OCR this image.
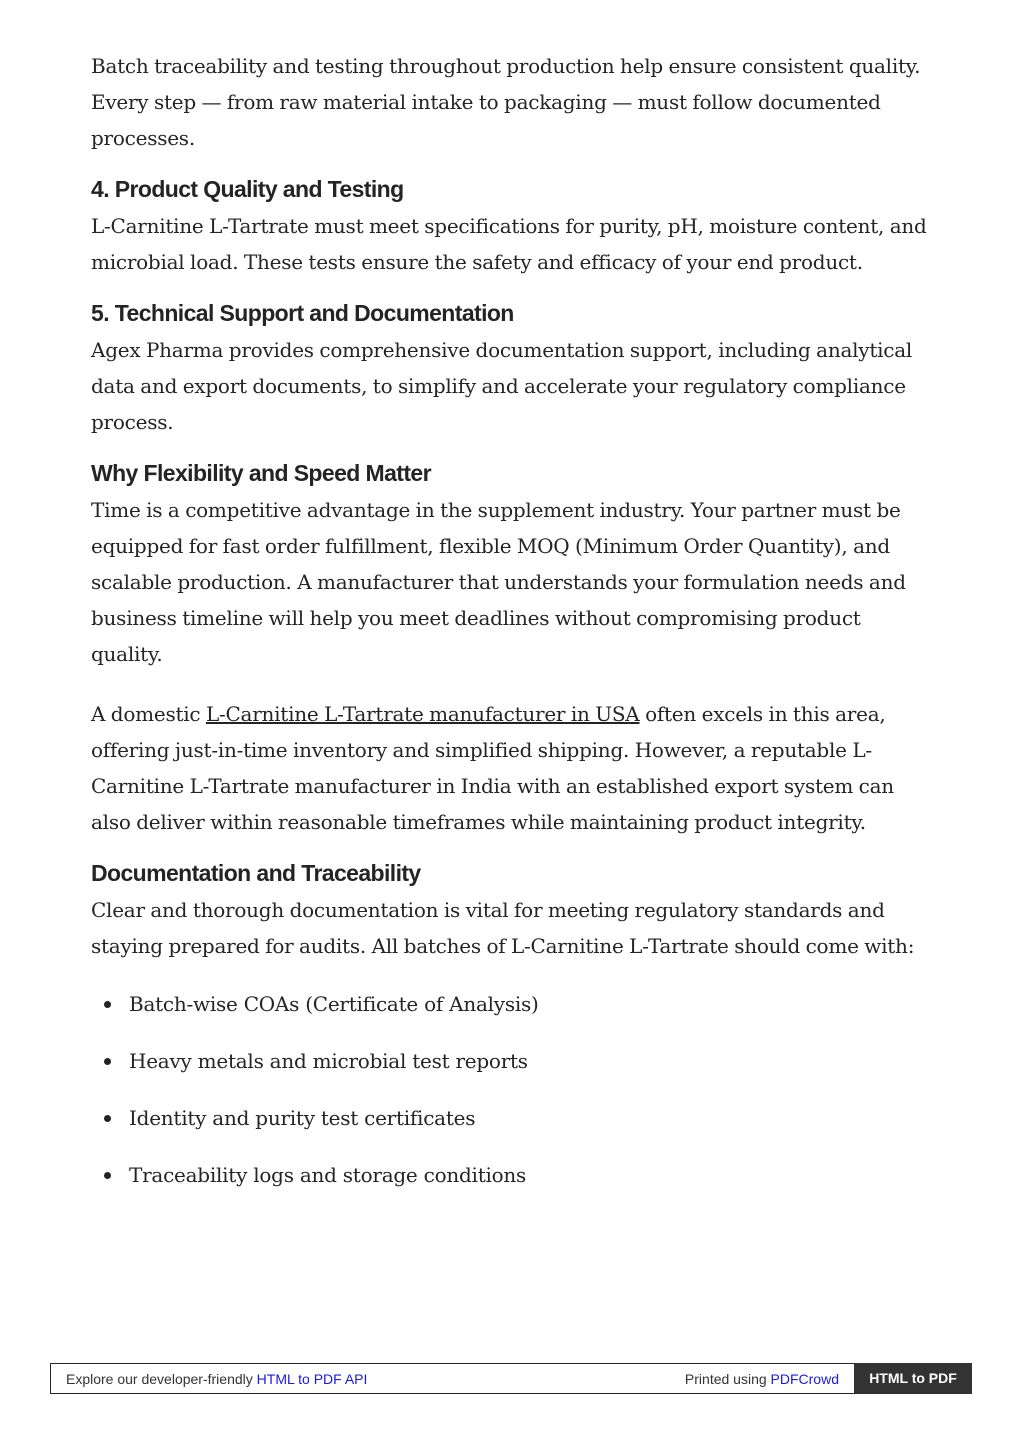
Batch traceability and testing throughout production help ensure consistent quality. Every step — from raw material intake to packaging — must follow documented processes.

4. Product Quality and Testing

L-Carnitine L-Tartrate must meet specifications for purity, pH, moisture content, and microbial load. These tests ensure the safety and efficacy of your end product.

5. Technical Support and Documentation

Agex Pharma provides comprehensive documentation support, including analytical data and export documents, to simplify and accelerate your regulatory compliance process.

Why Flexibility and Speed Matter

Time is a competitive advantage in the supplement industry. Your partner must be equipped for fast order fulfillment, flexible MOQ (Minimum Order Quantity), and scalable production. A manufacturer that understands your formulation needs and business timeline will help you meet deadlines without compromising product quality.

A domestic L-Carnitine L-Tartrate manufacturer in USA often excels in this area, offering just-in-time inventory and simplified shipping. However, a reputable L-Carnitine L-Tartrate manufacturer in India with an established export system can also deliver within reasonable timeframes while maintaining product integrity.

Documentation and Traceability

Clear and thorough documentation is vital for meeting regulatory standards and staying prepared for audits. All batches of L-Carnitine L-Tartrate should come with:

Batch-wise COAs (Certificate of Analysis)
Heavy metals and microbial test reports
Identity and purity test certificates
Traceability logs and storage conditions
Explore our developer-friendly HTML to PDF API	Printed using PDFCrowd	HTML to PDF
